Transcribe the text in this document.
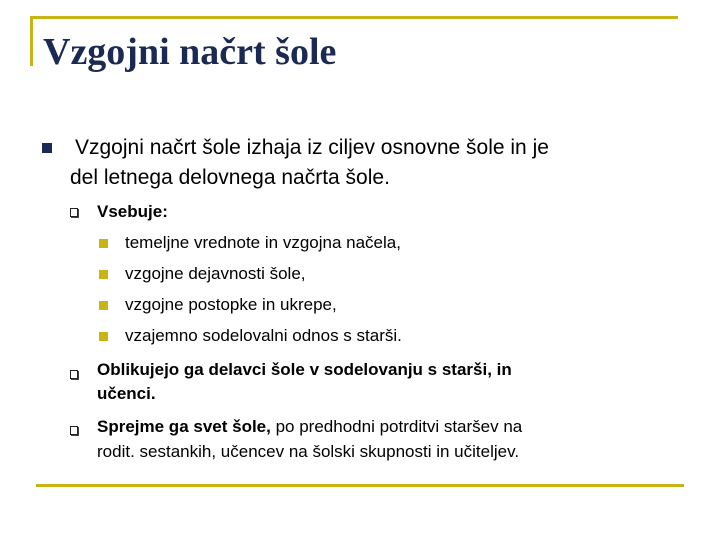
Vzgojni načrt šole
Vzgojni načrt šole izhaja iz ciljev osnovne šole in je
del letnega delovnega načrta šole.
Vsebuje:
temeljne vrednote in vzgojna načela,
vzgojne dejavnosti šole,
vzgojne postopke in ukrepe,
vzajemno sodelovalni odnos s starši.
Oblikujejo ga delavci šole v sodelovanju s starši, in
učenci.
Sprejme ga svet šole, po predhodni potrditvi staršev na
rodit. sestankih, učencev na šolski skupnosti in učiteljev.
